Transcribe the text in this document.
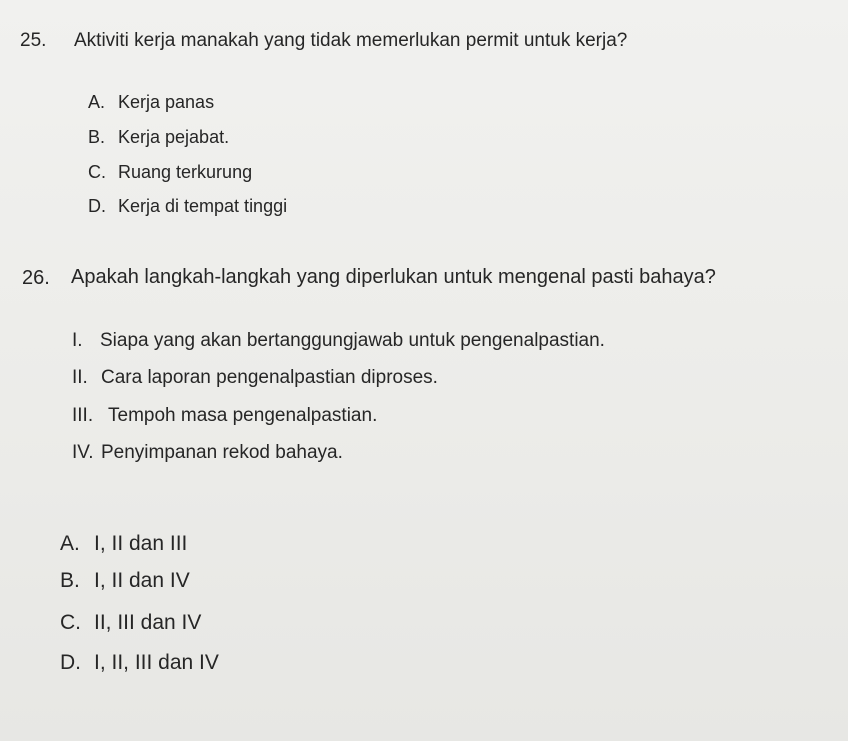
25. Aktiviti kerja manakah yang tidak memerlukan permit untuk kerja?
A. Kerja panas
B. Kerja pejabat.
C. Ruang terkurung
D. Kerja di tempat tinggi
26. Apakah langkah-langkah yang diperlukan untuk mengenal pasti bahaya?
I. Siapa yang akan bertanggungjawab untuk pengenalpastian.
II. Cara laporan pengenalpastian diproses.
III. Tempoh masa pengenalpastian.
IV. Penyimpanan rekod bahaya.
A. I, II dan III
B. I, II dan IV
C. II, III dan IV
D. I, II, III dan IV
